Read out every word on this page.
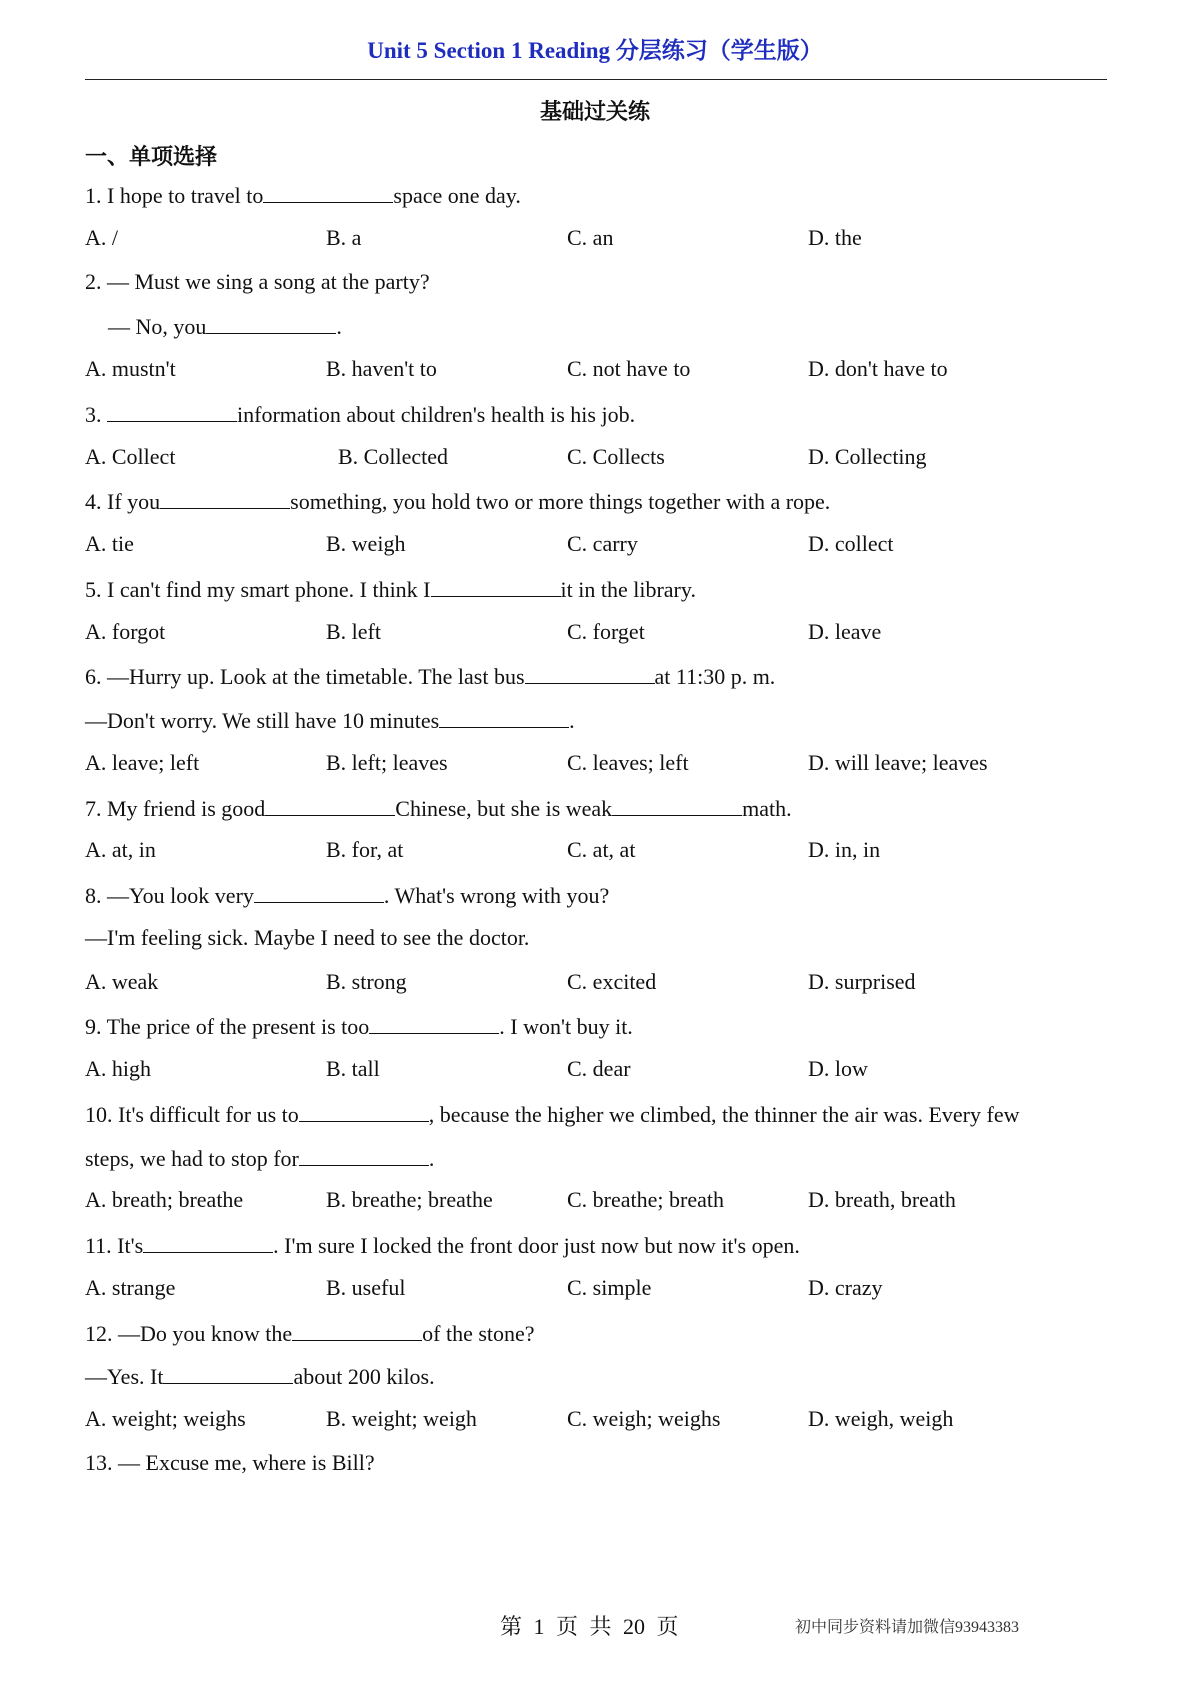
Unit 5 Section 1 Reading 分层练习（学生版）
基础过关练
一、单项选择
1. I hope to travel to	space one day.
A. /	B. a	C. an	D. the
2. — Must we sing a song at the party?
— No, you	.
A. mustn't	B. haven't to	C. not have to	D. don't have to
3.	information about children's health is his job.
A. Collect	B. Collected	C. Collects	D. Collecting
4. If you	something, you hold two or more things together with a rope.
A. tie	B. weigh	C. carry	D. collect
5. I can't find my smart phone. I think I	it in the library.
A. forgot	B. left	C. forget	D. leave
6. —Hurry up. Look at the timetable. The last bus	at 11:30 p. m.
—Don't worry. We still have 10 minutes	.
A. leave; left	B. left; leaves	C. leaves; left	D. will leave; leaves
7. My friend is good	Chinese, but she is weak	math.
A. at, in	B. for, at	C. at, at	D. in, in
8. —You look very	. What's wrong with you?
—I'm feeling sick. Maybe I need to see the doctor.
A. weak	B. strong	C. excited	D. surprised
9. The price of the present is too	. I won't buy it.
A. high	B. tall	C. dear	D. low
10. It's difficult for us to	, because the higher we climbed, the thinner the air was. Every few
steps, we had to stop for	.
A. breath; breathe	B. breathe; breathe	C. breathe; breath	D. breath, breath
11. It's	. I'm sure I locked the front door just now but now it's open.
A. strange	B. useful	C. simple	D. crazy
12. —Do you know the	of the stone?
—Yes. It	about 200 kilos.
A. weight; weighs	B. weight; weigh	C. weigh; weighs	D. weigh, weigh
13. — Excuse me, where is Bill?
第 1 页 共 20 页	初中同步资料请加微信93943383
